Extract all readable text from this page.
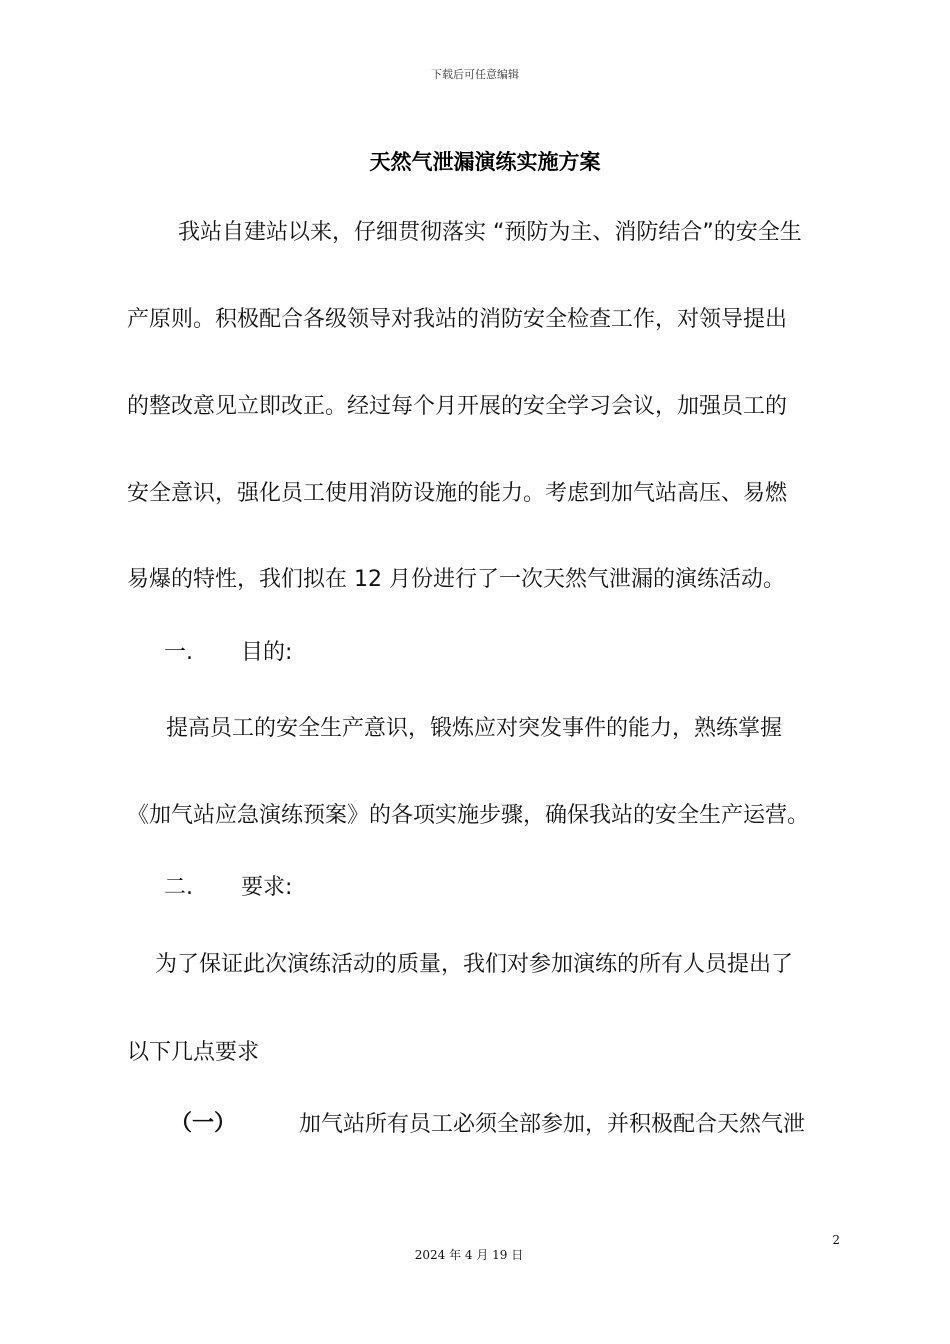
下载后可任意编辑
天然气泄漏演练实施方案
我站自建站以来，仔细贯彻落实 “预防为主、消防结合”的安全生
产原则。积极配合各级领导对我站的消防安全检查工作，对领导提出
的整改意见立即改正。经过每个月开展的安全学习会议，加强员工的
安全意识，强化员工使用消防设施的能力。考虑到加气站高压、易燃
易爆的特性，我们拟在 12 月份进行了一次天然气泄漏的演练活动。
一. 目的:
提高员工的安全生产意识，锻炼应对突发事件的能力，熟练掌握
《加气站应急演练预案》的各项实施步骤，确保我站的安全生产运营。
二. 要求:
为了保证此次演练活动的质量，我们对参加演练的所有人员提出了
以下几点要求
（一）	加气站所有员工必须全部参加，并积极配合天然气泄
2
2024 年 4 月 19 日
